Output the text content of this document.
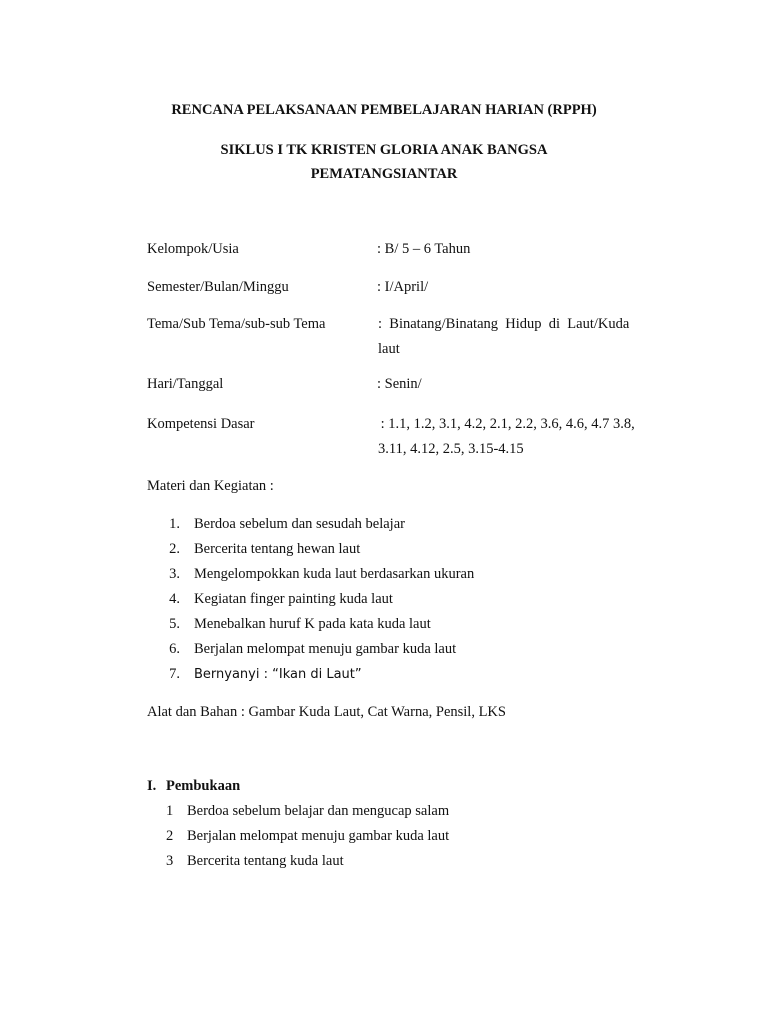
RENCANA PELAKSANAAN PEMBELAJARAN HARIAN (RPPH)
SIKLUS I TK KRISTEN GLORIA ANAK BANGSA
PEMATANGSIANTAR
Kelompok/Usia	: B/ 5 – 6 Tahun
Semester/Bulan/Minggu	: I/April/
Tema/Sub Tema/sub-sub Tema	:  Binatang/Binatang  Hidup  di  Laut/Kuda
laut
Hari/Tanggal	: Senin/
Kompetensi Dasar	: 1.1, 1.2, 3.1, 4.2, 2.1, 2.2, 3.6, 4.6, 4.7 3.8,
3.11, 4.12, 2.5, 3.15-4.15
Materi dan Kegiatan :
1. Berdoa sebelum dan sesudah belajar
2. Bercerita tentang hewan laut
3. Mengelompokkan kuda laut berdasarkan ukuran
4. Kegiatan finger painting kuda laut
5. Menebalkan huruf K pada kata kuda laut
6. Berjalan melompat menuju gambar kuda laut
7. Bernyanyi : “Ikan di Laut”
Alat dan Bahan : Gambar Kuda Laut, Cat Warna, Pensil, LKS
I. Pembukaan
1 Berdoa sebelum belajar dan mengucap salam
2 Berjalan melompat menuju gambar kuda laut
3 Bercerita tentang kuda laut
